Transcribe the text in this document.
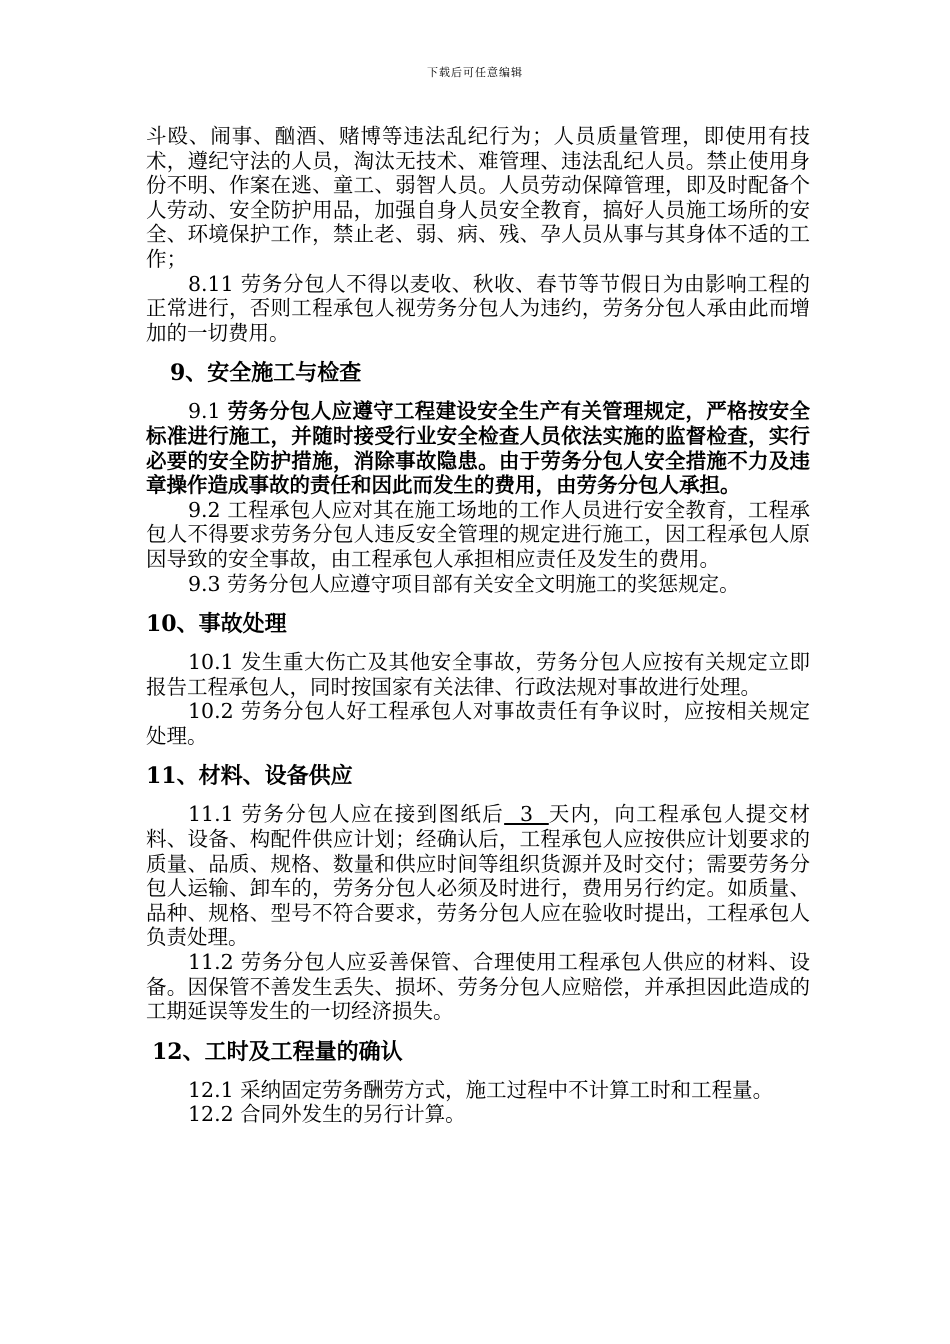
下载后可任意编辑

斗殴、闹事、酗酒、赌博等违法乱纪行为；人员质量管理，即使用有技术，遵纪守法的人员，淘汰无技术、难管理、违法乱纪人员。禁止使用身份不明、作案在逃、童工、弱智人员。人员劳动保障管理，即及时配备个人劳动、安全防护用品，加强自身人员安全教育，搞好人员施工场所的安全、环境保护工作，禁止老、弱、病、残、孕人员从事与其身体不适的工作；

8.11 劳务分包人不得以麦收、秋收、春节等节假日为由影响工程的正常进行，否则工程承包人视劳务分包人为违约，劳务分包人承由此而增加的一切费用。

9、安全施工与检查

9.1 劳务分包人应遵守工程建设安全生产有关管理规定，严格按安全标准进行施工，并随时接受行业安全检查人员依法实施的监督检查，实行必要的安全防护措施，消除事故隐患。由于劳务分包人安全措施不力及违章操作造成事故的责任和因此而发生的费用，由劳务分包人承担。

9.2 工程承包人应对其在施工场地的工作人员进行安全教育，工程承包人不得要求劳务分包人违反安全管理的规定进行施工，因工程承包人原因导致的安全事故，由工程承包人承担相应责任及发生的费用。

9.3 劳务分包人应遵守项目部有关安全文明施工的奖惩规定。

10、事故处理

10.1 发生重大伤亡及其他安全事故，劳务分包人应按有关规定立即报告工程承包人，同时按国家有关法律、行政法规对事故进行处理。

10.2 劳务分包人好工程承包人对事故责任有争议时，应按相关规定处理。

11、材料、设备供应

11.1 劳务分包人应在接到图纸后  3  天内，向工程承包人提交材料、设备、构配件供应计划；经确认后，工程承包人应按供应计划要求的质量、品质、规格、数量和供应时间等组织货源并及时交付；需要劳务分包人运输、卸车的，劳务分包人必须及时进行，费用另行约定。如质量、品种、规格、型号不符合要求，劳务分包人应在验收时提出，工程承包人负责处理。

11.2 劳务分包人应妥善保管、合理使用工程承包人供应的材料、设备。因保管不善发生丢失、损坏、劳务分包人应赔偿，并承担因此造成的工期延误等发生的一切经济损失。

12、工时及工程量的确认

12.1 采纳固定劳务酬劳方式，施工过程中不计算工时和工程量。

12.2 合同外发生的另行计算。
